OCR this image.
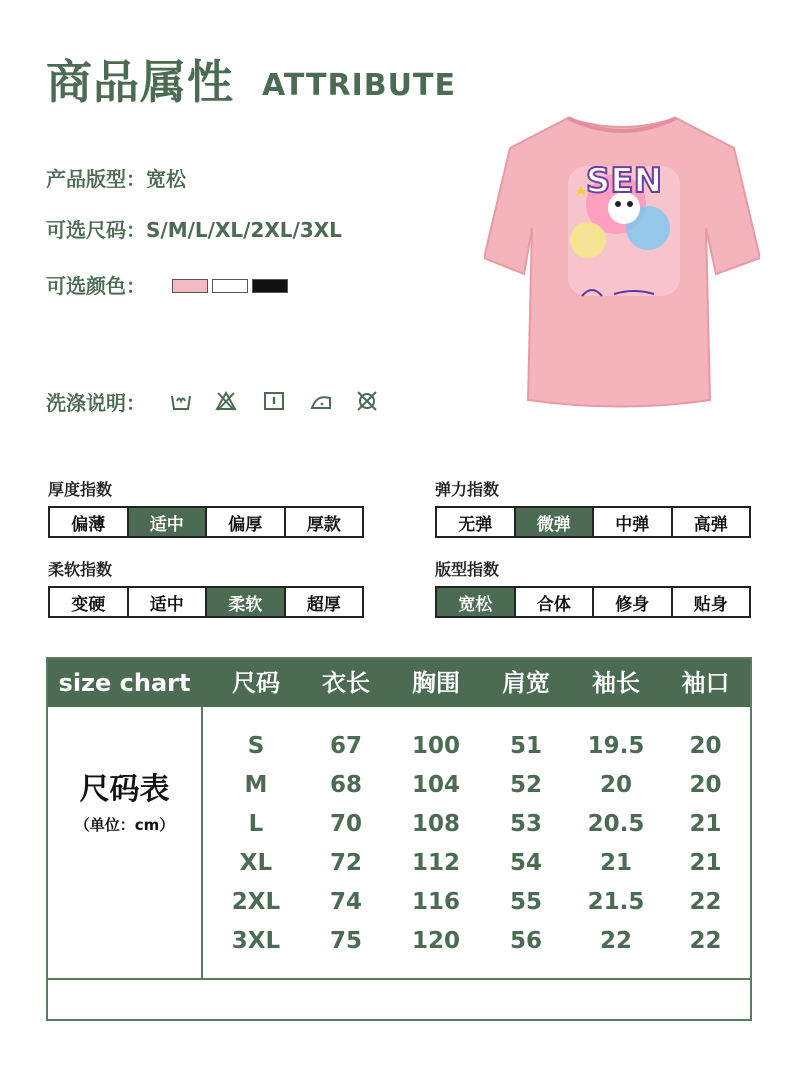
商品属性 ATTRIBUTE
产品版型：宽松
可选尺码：S/M/L/XL/2XL/3XL
可选颜色：
洗涤说明：
SEN
厚度指数
偏薄	适中	偏厚	厚款
弹力指数
无弹	微弹	中弹	高弹
柔软指数
变硬	适中	柔软	超厚
版型指数
宽松	合体	修身	贴身
size chart	尺码	衣长	胸围	肩宽	袖长	袖口
尺码表
（单位：cm）
S	67	100	51	19.5	20
M	68	104	52	20	20
L	70	108	53	20.5	21
XL	72	112	54	21	21
2XL	74	116	55	21.5	22
3XL	75	120	56	22	22
